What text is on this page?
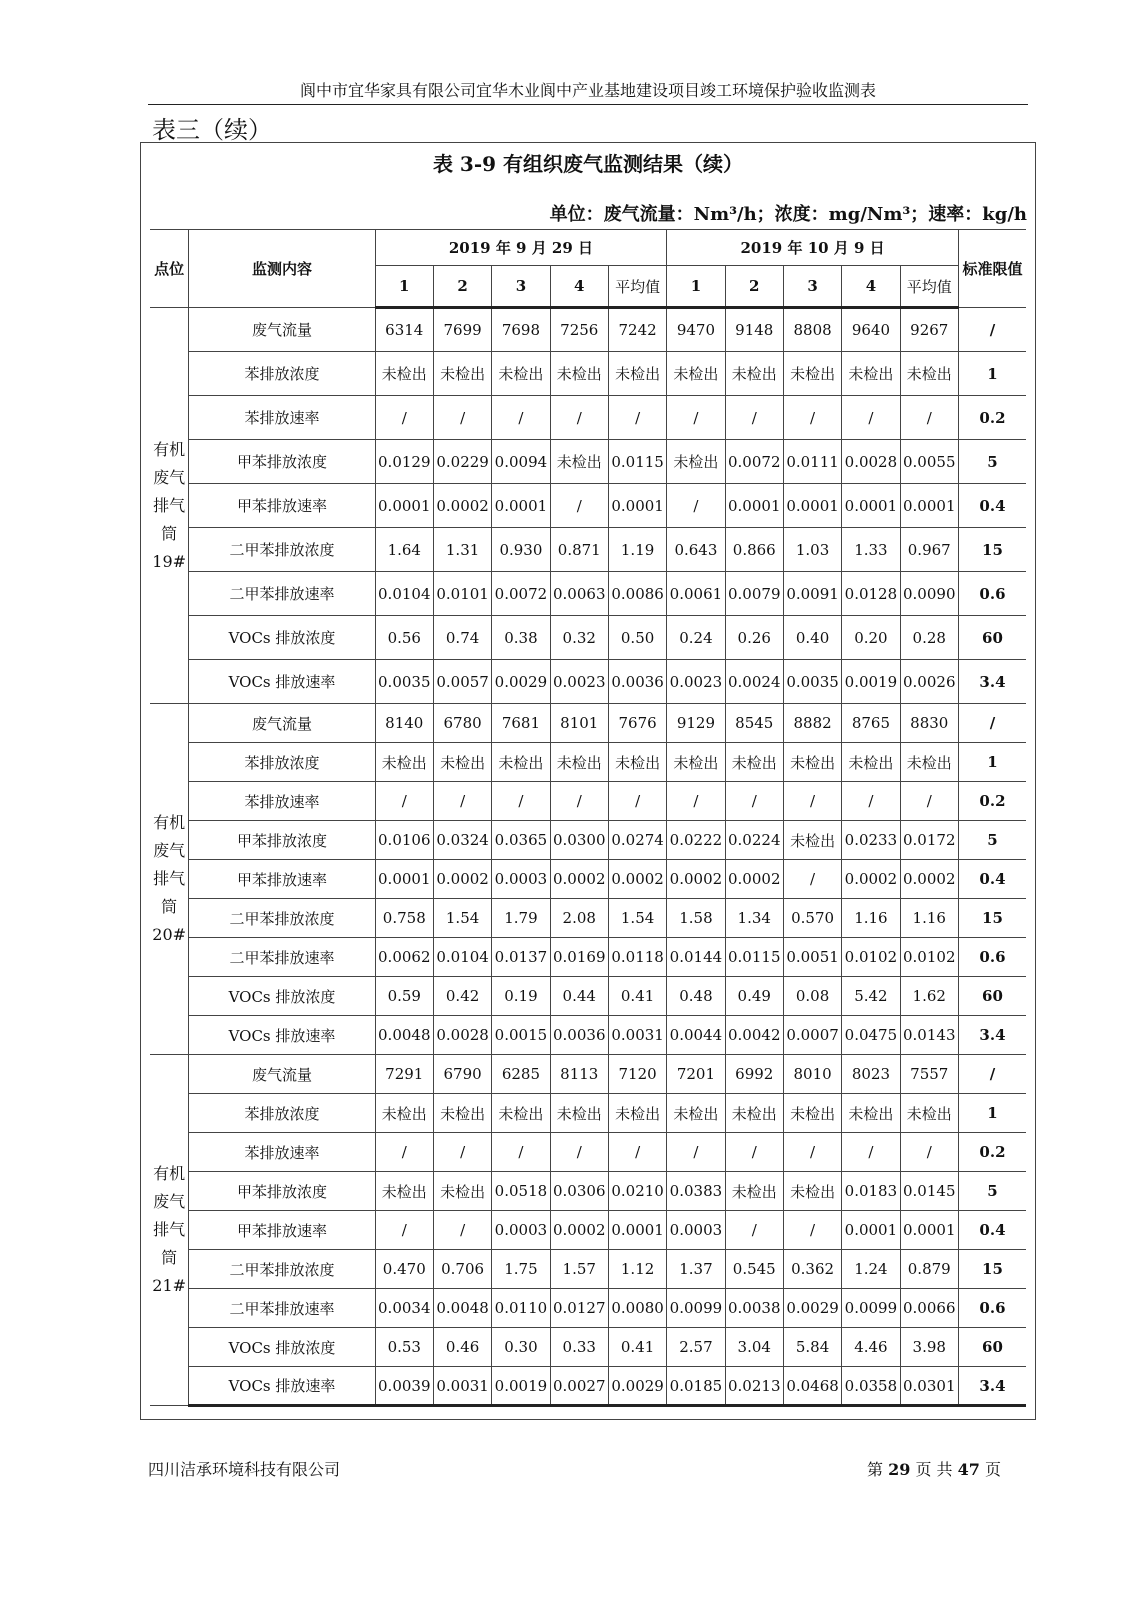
阆中市宜华家具有限公司宜华木业阆中产业基地建设项目竣工环境保护验收监测表
表三（续）
表 3-9 有组织废气监测结果（续）
单位：废气流量：Nm³/h；浓度：mg/Nm³；速率：kg/h
点位	监测内容	2019 年 9 月 29 日					2019 年 10 月 9 日					标准限值
		1	2	3	4	平均值	1	2	3	4	平均值	
有机废气排气筒19#	废气流量	6314	7699	7698	7256	7242	9470	9148	8808	9640	9267	/
	苯排放浓度	未检出	未检出	未检出	未检出	未检出	未检出	未检出	未检出	未检出	未检出	1
	苯排放速率	/	/	/	/	/	/	/	/	/	/	0.2
	甲苯排放浓度	0.0129	0.0229	0.0094	未检出	0.0115	未检出	0.0072	0.0111	0.0028	0.0055	5
	甲苯排放速率	0.0001	0.0002	0.0001	/	0.0001	/	0.0001	0.0001	0.0001	0.0001	0.4
	二甲苯排放浓度	1.64	1.31	0.930	0.871	1.19	0.643	0.866	1.03	1.33	0.967	15
	二甲苯排放速率	0.0104	0.0101	0.0072	0.0063	0.0086	0.0061	0.0079	0.0091	0.0128	0.0090	0.6
	VOCs 排放浓度	0.56	0.74	0.38	0.32	0.50	0.24	0.26	0.40	0.20	0.28	60
	VOCs 排放速率	0.0035	0.0057	0.0029	0.0023	0.0036	0.0023	0.0024	0.0035	0.0019	0.0026	3.4
有机废气排气筒20#	废气流量	8140	6780	7681	8101	7676	9129	8545	8882	8765	8830	/
	苯排放浓度	未检出	未检出	未检出	未检出	未检出	未检出	未检出	未检出	未检出	未检出	1
	苯排放速率	/	/	/	/	/	/	/	/	/	/	0.2
	甲苯排放浓度	0.0106	0.0324	0.0365	0.0300	0.0274	0.0222	0.0224	未检出	0.0233	0.0172	5
	甲苯排放速率	0.0001	0.0002	0.0003	0.0002	0.0002	0.0002	0.0002	/	0.0002	0.0002	0.4
	二甲苯排放浓度	0.758	1.54	1.79	2.08	1.54	1.58	1.34	0.570	1.16	1.16	15
	二甲苯排放速率	0.0062	0.0104	0.0137	0.0169	0.0118	0.0144	0.0115	0.0051	0.0102	0.0102	0.6
	VOCs 排放浓度	0.59	0.42	0.19	0.44	0.41	0.48	0.49	0.08	5.42	1.62	60
	VOCs 排放速率	0.0048	0.0028	0.0015	0.0036	0.0031	0.0044	0.0042	0.0007	0.0475	0.0143	3.4
有机废气排气筒21#	废气流量	7291	6790	6285	8113	7120	7201	6992	8010	8023	7557	/
	苯排放浓度	未检出	未检出	未检出	未检出	未检出	未检出	未检出	未检出	未检出	未检出	1
	苯排放速率	/	/	/	/	/	/	/	/	/	/	0.2
	甲苯排放浓度	未检出	未检出	0.0518	0.0306	0.0210	0.0383	未检出	未检出	0.0183	0.0145	5
	甲苯排放速率	/	/	0.0003	0.0002	0.0001	0.0003	/	/	0.0001	0.0001	0.4
	二甲苯排放浓度	0.470	0.706	1.75	1.57	1.12	1.37	0.545	0.362	1.24	0.879	15
	二甲苯排放速率	0.0034	0.0048	0.0110	0.0127	0.0080	0.0099	0.0038	0.0029	0.0099	0.0066	0.6
	VOCs 排放浓度	0.53	0.46	0.30	0.33	0.41	2.57	3.04	5.84	4.46	3.98	60
	VOCs 排放速率	0.0039	0.0031	0.0019	0.0027	0.0029	0.0185	0.0213	0.0468	0.0358	0.0301	3.4
四川洁承环境科技有限公司	第 29 页 共 47 页
